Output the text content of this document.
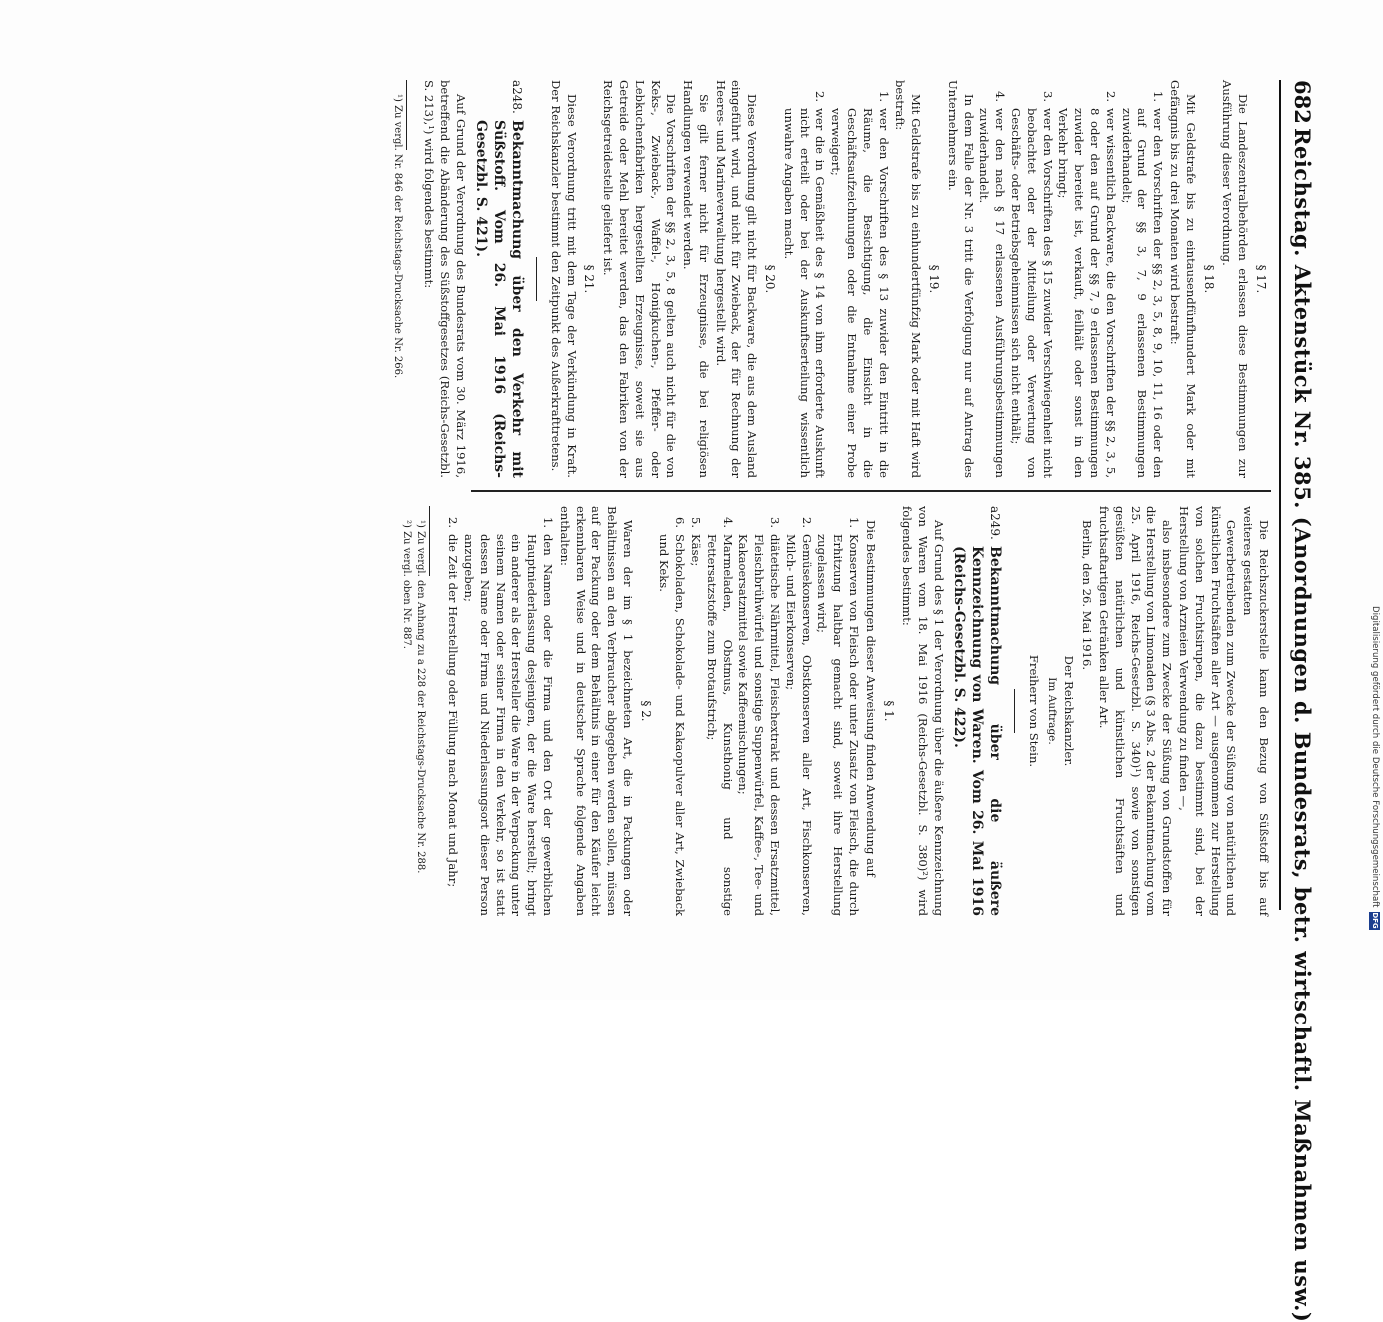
682
Reichstag. Aktenstück Nr. 385. (Anordnungen d. Bundesrats, betr. wirtschaftl. Maßnahmen usw.)
§ 17.

Die Landeszentralbehörden erlassen diese Bestimmungen zur Ausführung dieser Verordnung.

§ 18.

Mit Geldstrafe bis zu eintausendfünfhundert Mark oder mit Gefängnis bis zu drei Monaten wird bestraft:

1.
wer den Vorschriften der §§ 2, 3, 5, 8, 9, 10, 11, 16 oder den auf Grund der §§ 3, 7, 9 erlassenen Bestimmungen zuwiderhandelt;
2.
wer wissentlich Backware, die den Vorschriften der §§ 2, 3, 5, 8 oder den auf Grund der §§ 7, 9 erlassenen Bestimmungen zuwider bereitet ist, verkauft, feilhält oder sonst in den Verkehr bringt;
3.
wer den Vorschriften des § 15 zuwider Verschwiegenheit nicht beobachtet oder der Mitteilung oder Verwertung von Geschäfts- oder Betriebsgeheimnissen sich nicht enthält;
4.
wer den nach § 17 erlassenen Ausführungsbestimmungen zuwiderhandelt.

In dem Falle der Nr. 3 tritt die Verfolgung nur auf Antrag des Unternehmers ein.

§ 19.

Mit Geldstrafe bis zu einhundertfünfzig Mark oder mit Haft wird bestraft:

1.
wer den Vorschriften des § 13 zuwider den Eintritt in die Räume, die Besichtigung, die Einsicht in die Geschäftsaufzeichnungen oder die Entnahme einer Probe verweigert;
2.
wer die in Gemäßheit des § 14 von ihm erforderte Auskunft nicht erteilt oder bei der Auskunftserteilung wissentlich unwahre Angaben macht.
§ 20.

Diese Verordnung gilt nicht für Backware, die aus dem Ausland eingeführt wird, und nicht für Zwieback, der für Rechnung der Heeres- und Marineverwaltung hergestellt wird.

Sie gilt ferner nicht für Erzeugnisse, die bei religiösen Handlungen verwendet werden.

Die Vorschriften der §§ 2, 3, 5, 8 gelten auch nicht für die von Keks-, Zwieback-, Waffel-, Honigkuchen-, Pfeffer- oder Lebkuchenfabriken hergestellten Erzeugnisse, soweit sie aus Getreide oder Mehl bereitet werden, das den Fabriken von der Reichsgetreidestelle geliefert ist.

§ 21.

Diese Verordnung tritt mit dem Tage der Verkündung in Kraft. Der Reichskanzler bestimmt den Zeitpunkt des Außerkrafttretens.

a248.
Bekanntmachung über den Verkehr mit Süßstoff. Vom 26. Mai 1916 (Reichs-Gesetzbl. S. 421).

Auf Grund der Verordnung des Bundesrats vom 30. März 1916, betreffend die Abänderung des Süßstoffgesetzes (Reichs-Gesetzbl. S. 213),¹) wird folgendes bestimmt:

¹) Zu vergl. Nr. 846 der Reichstags-Drucksache Nr. 266.

Die Reichszuckerstelle kann den Bezug von Süßstoff bis auf weiteres gestatten

Gewerbetreibenden zum Zwecke der Süßung von natürlichen und künstlichen Fruchtsäften aller Art — ausgenommen zur Herstellung von solchen Fruchtsirupen, die dazu bestimmt sind, bei der Herstellung von Arzneien Verwendung zu finden —,

also insbesondere zum Zwecke der Süßung von Grundstoffen für die Herstellung von Limonaden (§ 3 Abs. 2 der Bekanntmachung vom 25. April 1916, Reichs-Gesetzbl. S. 340)¹) sowie von sonstigen gesüßten natürlichen und künstlichen Fruchtsäften und fruchtsaftartigen Getränken aller Art.

Berlin, den 26. Mai 1916.

Der Reichskanzler.
Im Auftrage.
Freiherr von Stein.
a249.
Bekanntmachung über die äußere Kennzeichnung von Waren. Vom 26. Mai 1916 (Reichs-Gesetzbl. S. 422).

Auf Grund des § 1 der Verordnung über die äußere Kennzeichnung von Waren vom 18. Mai 1916 (Reichs-Gesetzbl. S. 380)²) wird folgendes bestimmt:

§ 1.

Die Bestimmungen dieser Anweisung finden Anwendung auf

1.
Konserven von Fleisch oder unter Zusatz von Fleisch, die durch Erhitzung haltbar gemacht sind, soweit ihre Herstellung zugelassen wird;
2.
Gemüsekonserven, Obstkonserven aller Art, Fischkonserven, Milch- und Eierkonserven;
3.
diätetische Nährmittel, Fleischextrakt und dessen Ersatzmittel, Fleischbrühwürfel und sonstige Suppenwürfel, Kaffee-, Tee- und Kakaoersatzmittel sowie Kaffeemischungen;
4.
Marmeladen, Obstmus, Kunsthonig und sonstige Fettersatzstoffe zum Brotaufstrich;
5.
Käse;
6.
Schokoladen, Schokolade- und Kakaopulver aller Art, Zwieback und Keks.
§ 2.

Waren der im § 1 bezeichneten Art, die in Packungen oder Behältnissen an den Verbraucher abgegeben werden sollen, müssen auf der Packung oder dem Behältnis in einer für den Käufer leicht erkennbaren Weise und in deutscher Sprache folgende Angaben enthalten:

1.
den Namen oder die Firma und den Ort der gewerblichen Hauptniederlassung desjenigen, der die Ware herstellt; bringt ein anderer als der Hersteller die Ware in der Verpackung unter seinem Namen oder seiner Firma in den Verkehr, so ist statt dessen Name oder Firma und Niederlassungsort dieser Person anzugeben;
2.
die Zeit der Herstellung oder Füllung nach Monat und Jahr;

¹) Zu vergl. den Anhang zu a 228 der Reichstags-Drucksache Nr. 288.

²) Zu vergl. oben Nr. 887.

Digitalisierung gefördert durch die Deutsche Forschungsgemeinschaft
DFG
